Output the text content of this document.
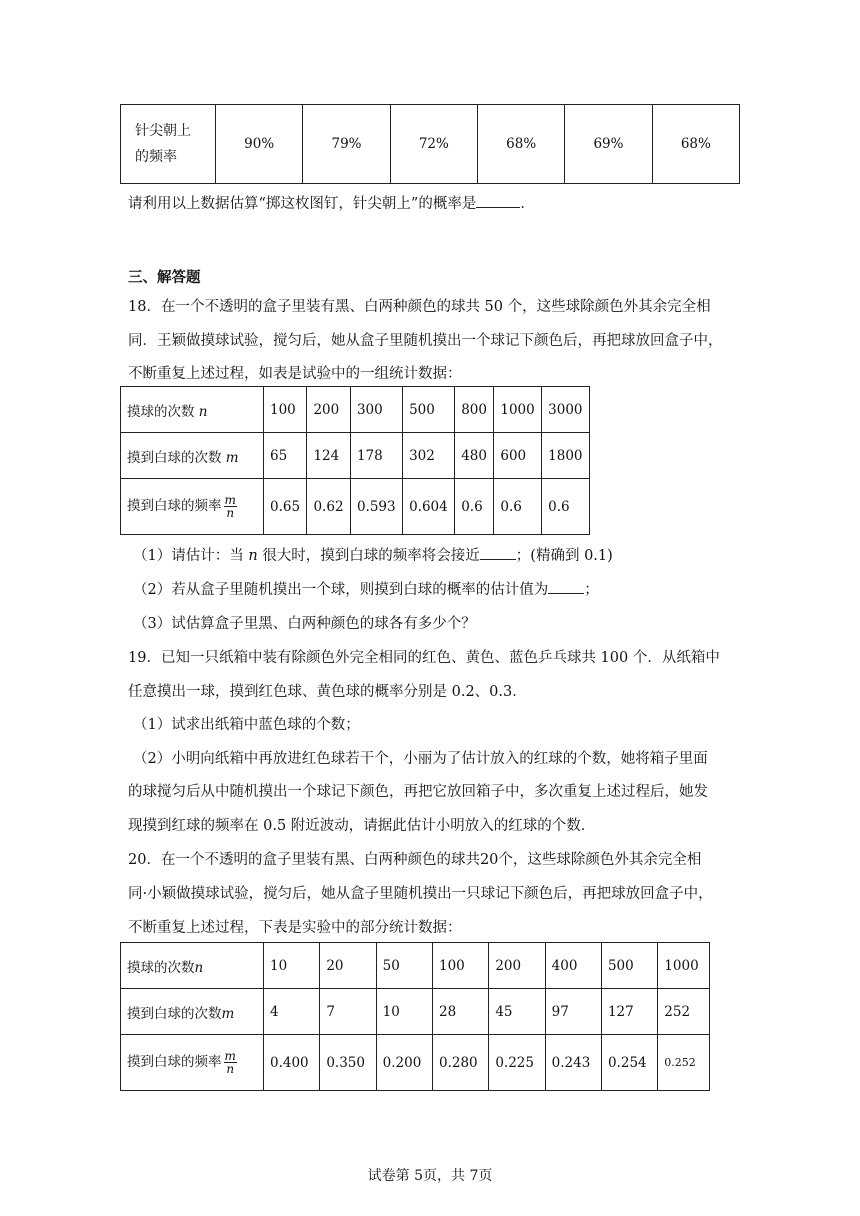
针尖朝上
的频率	90%	79%	72%	68%	69%	68%
请利用以上数据估算“掷这枚图钉，针尖朝上”的概率是	．
三、解答题
18．在一个不透明的盒子里装有黑、白两种颜色的球共 50 个，这些球除颜色外其余完全相
同．王颖做摸球试验，搅匀后，她从盒子里随机摸出一个球记下颜色后，再把球放回盒子中，
不断重复上述过程，如表是试验中的一组统计数据：
摸球的次数 n	100	200	300	500	800	1000	3000
摸到白球的次数 m	65	124	178	302	480	600	1800
摸到白球的频率 $\frac{m}{n}$	0.65	0.62	0.593	0.604	0.6	0.6	0.6
（1）请估计：当 n 很大时，摸到白球的频率将会接近 ；(精确到 0.1)
（2）若从盒子里随机摸出一个球，则摸到白球的概率的估计值为 ；
（3）试估算盒子里黑、白两种颜色的球各有多少个？
19．已知一只纸箱中装有除颜色外完全相同的红色、黄色、蓝色乒乓球共 100 个．从纸箱中
任意摸出一球，摸到红色球、黄色球的概率分别是 0.2、0.3．
（1）试求出纸箱中蓝色球的个数；
（2）小明向纸箱中再放进红色球若干个，小丽为了估计放入的红球的个数，她将箱子里面
的球搅匀后从中随机摸出一个球记下颜色，再把它放回箱子中，多次重复上述过程后，她发
现摸到红球的频率在 0.5 附近波动，请据此估计小明放入的红球的个数．
20．在一个不透明的盒子里装有黑、白两种颜色的球共20个，这些球除颜色外其余完全相
同·小颖做摸球试验，搅匀后，她从盒子里随机摸出一只球记下颜色后，再把球放回盒子中，
不断重复上述过程，下表是实验中的部分统计数据：
摸球的次数n	10	20	50	100	200	400	500	1000
摸到白球的次数m	4	7	10	28	45	97	127	252
摸到白球的频率 $\frac{m}{n}$	0.400	0.350	0.200	0.280	0.225	0.243	0.254	0.252
试卷第 5页，共 7页
